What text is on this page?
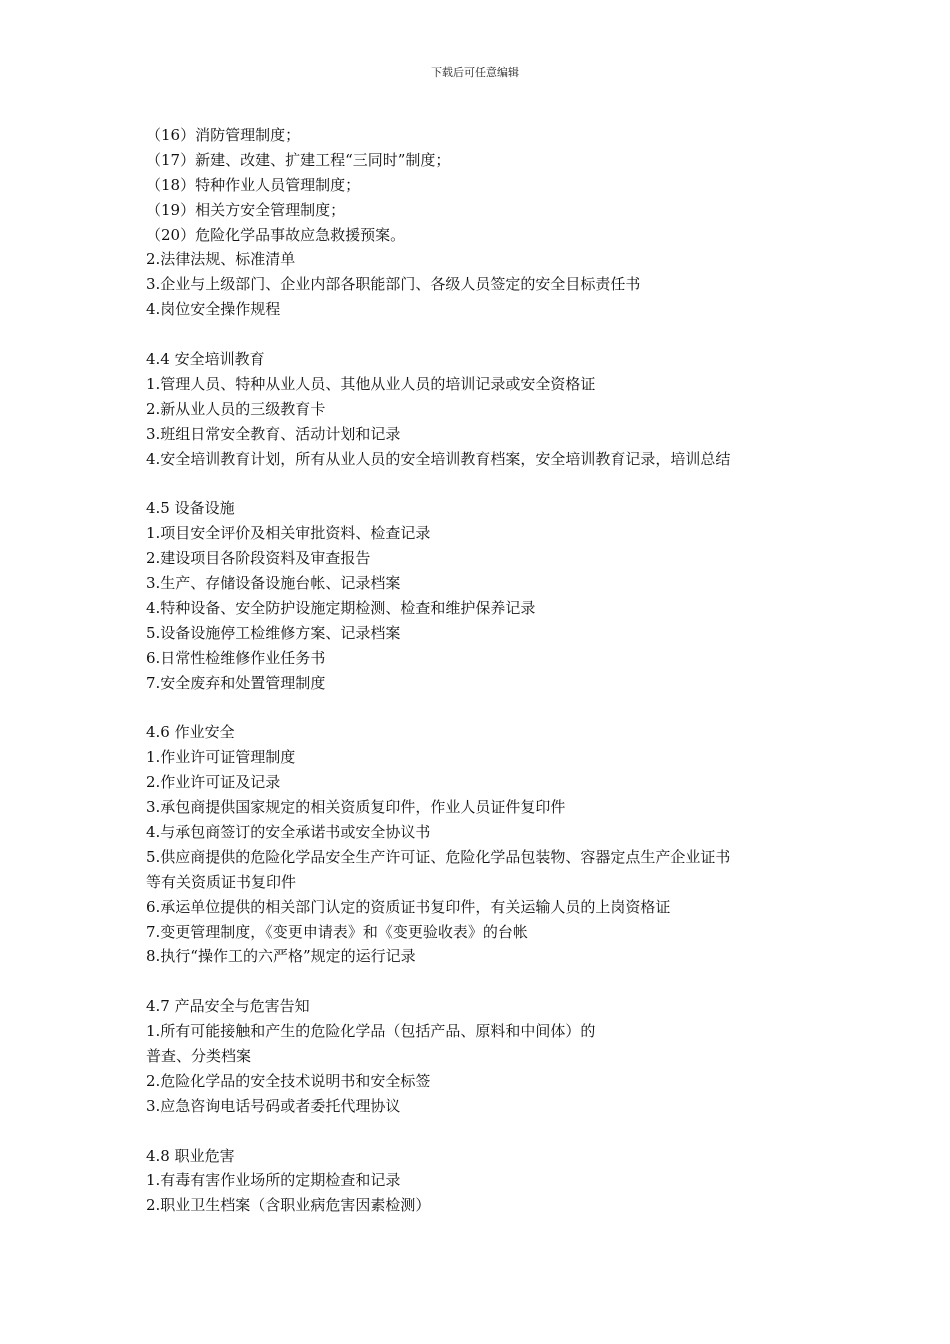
下载后可任意编辑
（16）消防管理制度；
（17）新建、改建、扩建工程“三同时”制度；
（18）特种作业人员管理制度；
（19）相关方安全管理制度；
（20）危险化学品事故应急救援预案。
2.法律法规、标准清单
3.企业与上级部门、企业内部各职能部门、各级人员签定的安全目标责任书
4.岗位安全操作规程
4.4 安全培训教育
1.管理人员、特种从业人员、其他从业人员的培训记录或安全资格证
2.新从业人员的三级教育卡
3.班组日常安全教育、活动计划和记录
4.安全培训教育计划，所有从业人员的安全培训教育档案，安全培训教育记录，培训总结
4.5 设备设施
1.项目安全评价及相关审批资料、检查记录
2.建设项目各阶段资料及审查报告
3.生产、存储设备设施台帐、记录档案
4.特种设备、安全防护设施定期检测、检查和维护保养记录
5.设备设施停工检维修方案、记录档案
6.日常性检维修作业任务书
7.安全废弃和处置管理制度
4.6 作业安全
1.作业许可证管理制度
2.作业许可证及记录
3.承包商提供国家规定的相关资质复印件，作业人员证件复印件
4.与承包商签订的安全承诺书或安全协议书
5.供应商提供的危险化学品安全生产许可证、危险化学品包装物、容器定点生产企业证书
等有关资质证书复印件
6.承运单位提供的相关部门认定的资质证书复印件，有关运输人员的上岗资格证
7.变更管理制度，《变更申请表》和《变更验收表》的台帐
8.执行“操作工的六严格”规定的运行记录
4.7 产品安全与危害告知
1.所有可能接触和产生的危险化学品（包括产品、原料和中间体）的
普查、分类档案
2.危险化学品的安全技术说明书和安全标签
3.应急咨询电话号码或者委托代理协议
4.8 职业危害
1.有毒有害作业场所的定期检查和记录
2.职业卫生档案（含职业病危害因素检测）
